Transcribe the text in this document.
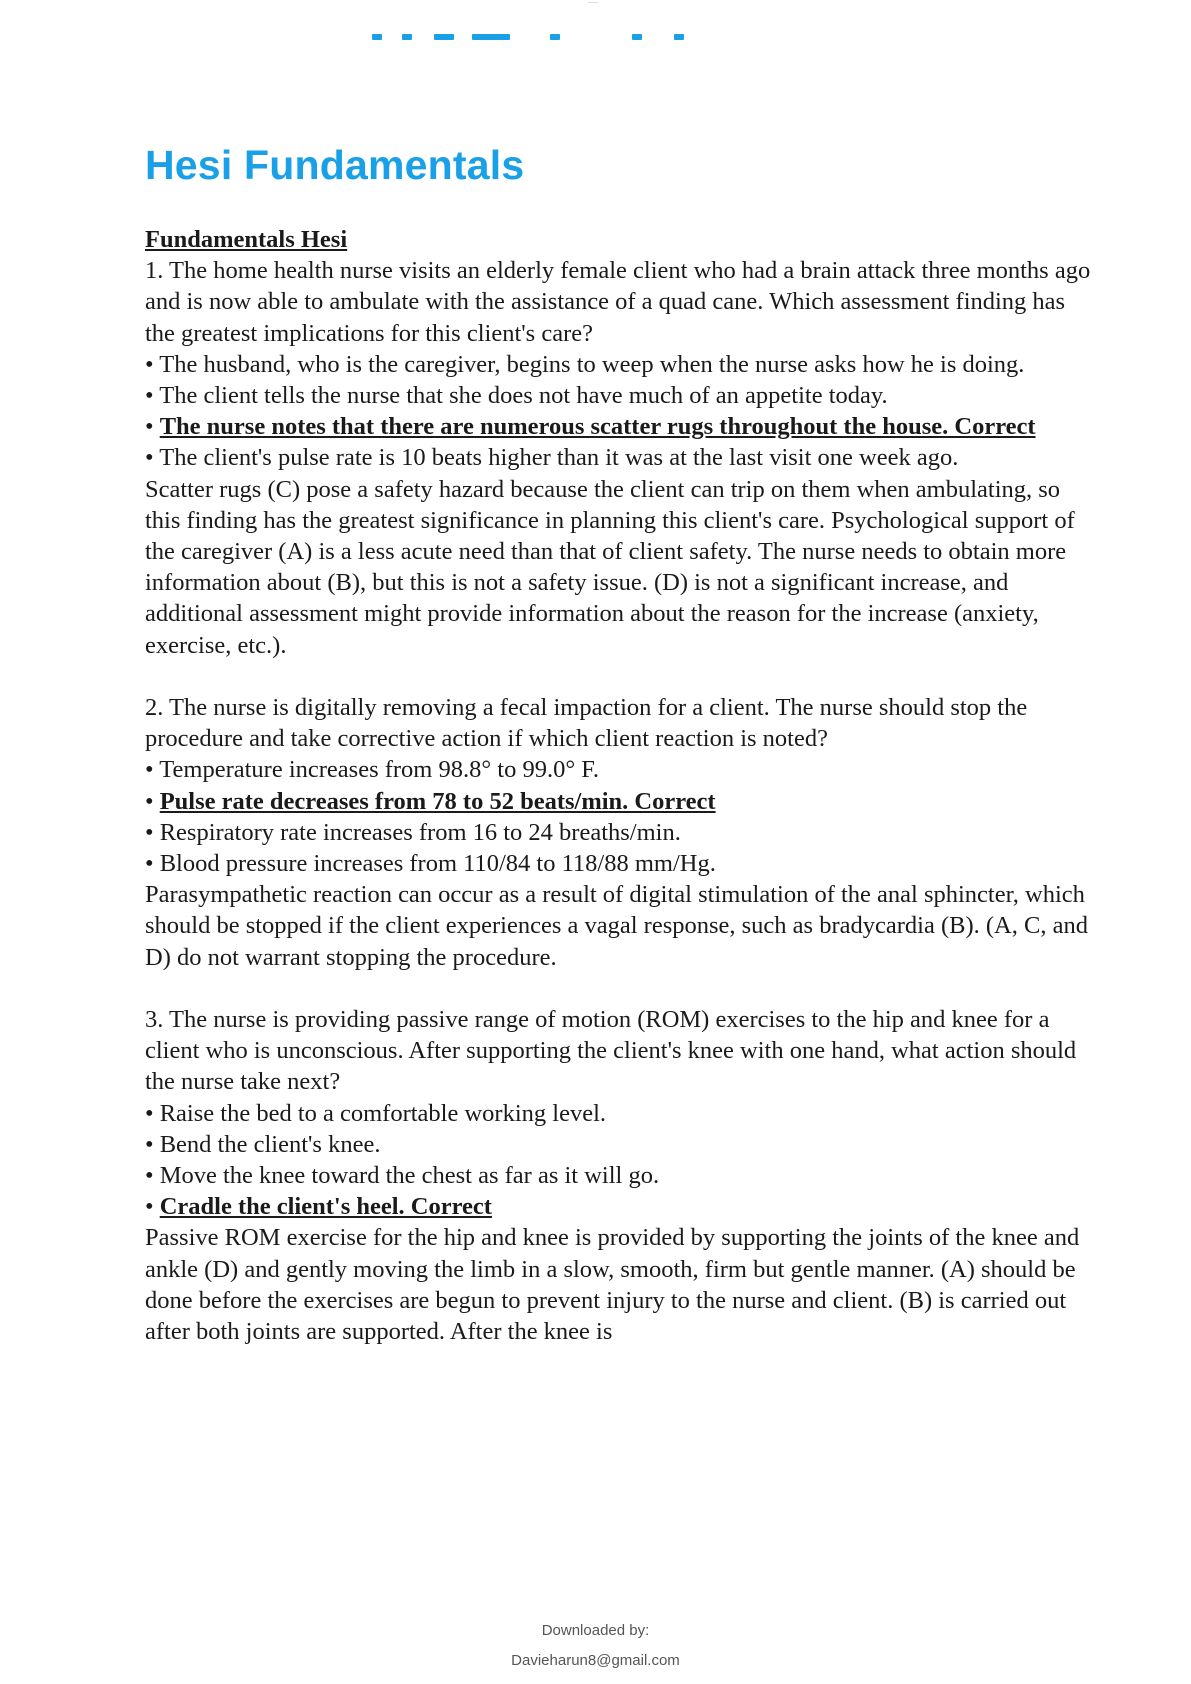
------
Hesi Fundamentals

Fundamentals Hesi

1. The home health nurse visits an elderly female client who had a brain attack three months ago and is now able to ambulate with the assistance of a quad cane. Which assessment finding has the greatest implications for this client's care?

• The husband, who is the caregiver, begins to weep when the nurse asks how he is doing.

• The client tells the nurse that she does not have much of an appetite today.

• The nurse notes that there are numerous scatter rugs throughout the house. Correct

• The client's pulse rate is 10 beats higher than it was at the last visit one week ago.

Scatter rugs (C) pose a safety hazard because the client can trip on them when ambulating, so this finding has the greatest significance in planning this client's care. Psychological support of the caregiver (A) is a less acute need than that of client safety. The nurse needs to obtain more information about (B), but this is not a safety issue. (D) is not a significant increase, and additional assessment might provide information about the reason for the increase (anxiety, exercise, etc.).

2. The nurse is digitally removing a fecal impaction for a client. The nurse should stop the procedure and take corrective action if which client reaction is noted?

• Temperature increases from 98.8° to 99.0° F.

• Pulse rate decreases from 78 to 52 beats/min. Correct

• Respiratory rate increases from 16 to 24 breaths/min.

• Blood pressure increases from 110/84 to 118/88 mm/Hg.

Parasympathetic reaction can occur as a result of digital stimulation of the anal sphincter, which should be stopped if the client experiences a vagal response, such as bradycardia (B). (A, C, and D) do not warrant stopping the procedure.

3. The nurse is providing passive range of motion (ROM) exercises to the hip and knee for a client who is unconscious. After supporting the client's knee with one hand, what action should the nurse take next?

• Raise the bed to a comfortable working level.

• Bend the client's knee.

• Move the knee toward the chest as far as it will go.

• Cradle the client's heel. Correct

Passive ROM exercise for the hip and knee is provided by supporting the joints of the knee and ankle (D) and gently moving the limb in a slow, smooth, firm but gentle manner. (A) should be done before the exercises are begun to prevent injury to the nurse and client. (B) is carried out after both joints are supported. After the knee is

Downloaded by:
Davieharun8@gmail.com
